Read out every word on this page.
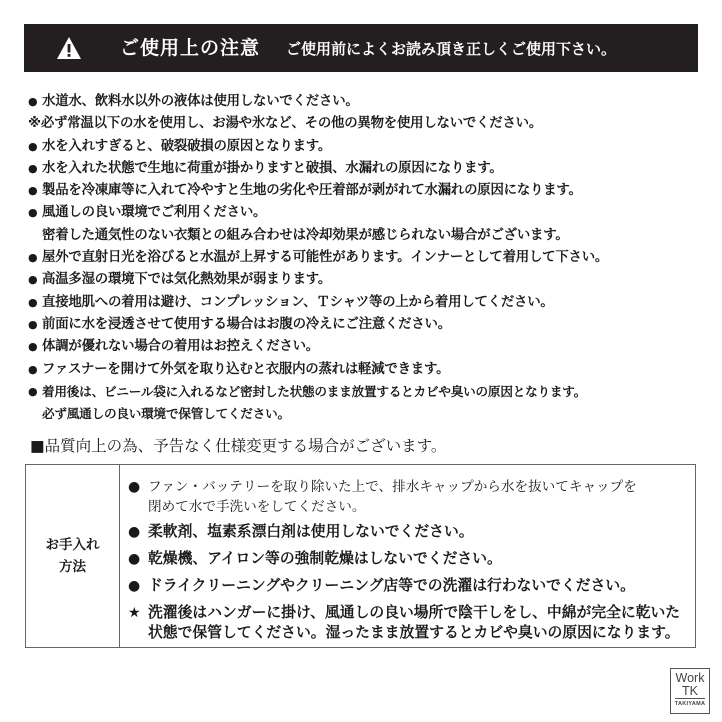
ご使用上の注意 ご使用前によくお読み頂き正しくご使用下さい。
● 水道水、飲料水以外の液体は使用しないでください。
※必ず常温以下の水を使用し、お湯や氷など、その他の異物を使用しないでください。
● 水を入れすぎると、破裂破損の原因となります。
● 水を入れた状態で生地に荷重が掛かりますと破損、水漏れの原因になります。
● 製品を冷凍庫等に入れて冷やすと生地の劣化や圧着部が剥がれて水漏れの原因になります。
● 風通しの良い環境でご利用ください。
密着した通気性のない衣類との組み合わせは冷却効果が感じられない場合がございます。
● 屋外で直射日光を浴びると水温が上昇する可能性があります。インナーとして着用して下さい。
● 高温多湿の環境下では気化熱効果が弱まります。
● 直接地肌への着用は避け、コンプレッション、Ｔシャツ等の上から着用してください。
● 前面に水を浸透させて使用する場合はお腹の冷えにご注意ください。
● 体調が優れない場合の着用はお控えください。
● ファスナーを開けて外気を取り込むと衣服内の蒸れは軽減できます。
● 着用後は、ビニール袋に入れるなど密封した状態のまま放置するとカビや臭いの原因となります。
必ず風通しの良い環境で保管してください。
■品質向上の為、予告なく仕様変更する場合がございます。
お手入れ
方法
● ファン・バッテリーを取り除いた上で、排水キャップから水を抜いてキャップを
閉めて水で手洗いをしてください。
● 柔軟剤、塩素系漂白剤は使用しないでください。
● 乾燥機、アイロン等の強制乾燥はしないでください。
● ドライクリーニングやクリーニング店等での洗濯は行わないでください。
★ 洗濯後はハンガーに掛け、風通しの良い場所で陰干しをし、中綿が完全に乾いた
状態で保管してください。湿ったまま放置するとカビや臭いの原因になります。
Work
TK
TAKIYAMA
